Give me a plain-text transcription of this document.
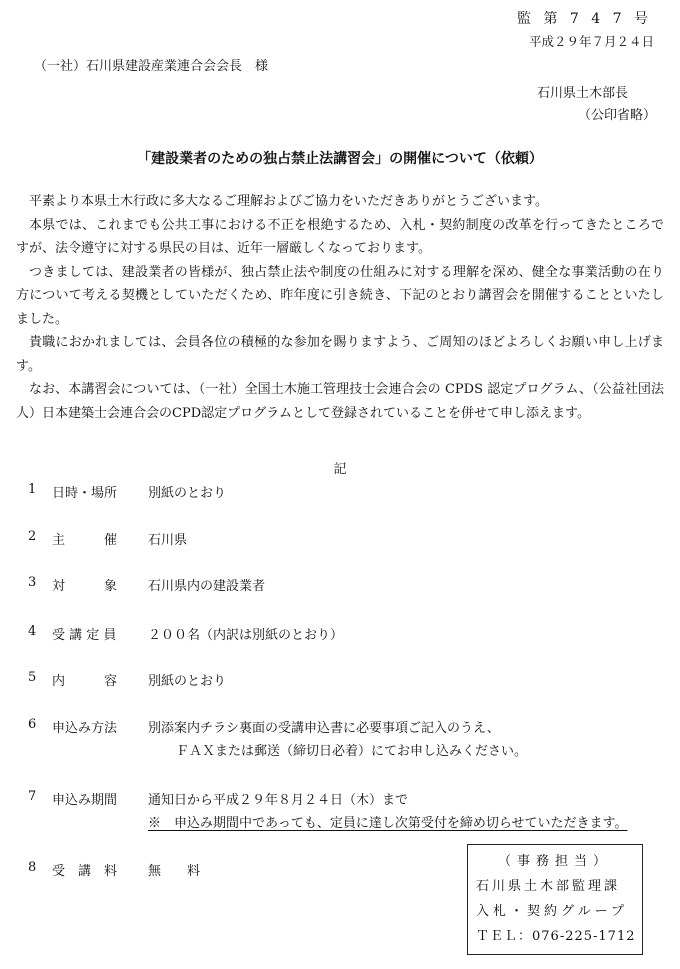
監 第 7 4 7 号
平成２９年７月２４日
（一社）石川県建設産業連合会会長　様
石川県土木部長
（公印省略）
「建設業者のための独占禁止法講習会」の開催について（依頼）

平素より本県土木行政に多大なるご理解およびご協力をいただきありがとうございます。

本県では、これまでも公共工事における不正を根絶するため、入札・契約制度の改革を行ってきたところですが、法令遵守に対する県民の目は、近年一層厳しくなっております。

つきましては、建設業者の皆様が、独占禁止法や制度の仕組みに対する理解を深め、健全な事業活動の在り方について考える契機としていただくため、昨年度に引き続き、下記のとおり講習会を開催することといたしました。

貴職におかれましては、会員各位の積極的な参加を賜りますよう、ご周知のほどよろしくお願い申し上げます。

なお、本講習会については、（一社）全国土木施工管理技士会連合会の CPDS 認定プログラム、（公益社団法人）日本建築士会連合会のCPD認定プログラムとして登録されていることを併せて申し添えます。

記
1 日時・場所 別紙のとおり
2 主　　　催 石川県
3 対　　　象 石川県内の建設業者
4 受 講 定 員 ２００名（内訳は別紙のとおり）
5 内　　　容 別紙のとおり
6 申込み方法 別添案内チラシ裏面の受講申込書に必要事項ご記入のうえ、
ＦＡＸまたは郵送（締切日必着）にてお申し込みください。
7 申込み期間 通知日から平成２９年８月２４日（木）まで
※　申込み期間中であっても、定員に達し次第受付を締め切らせていただきます。
8 受　講　料 無　　料
（事務担当）
石川県土木部監理課
入札・契約グループ
ＴＥＬ：076-225-1712
